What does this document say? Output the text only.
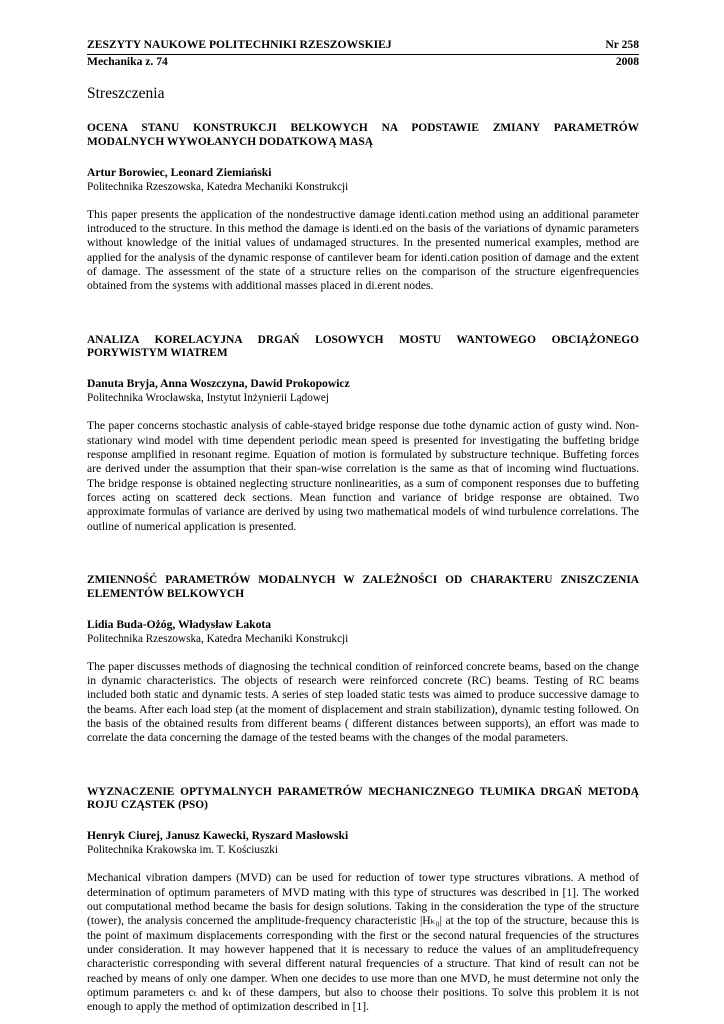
ZESZYTY NAUKOWE POLITECHNIKI RZESZOWSKIEJ	Nr 258
Mechanika z. 74	2008
Streszczenia

OCENA STANU KONSTRUKCJI BELKOWYCH NA PODSTAWIE ZMIANY PARAMETRÓW MODALNYCH WYWOŁANYCH DODATKOWĄ MASĄ

Artur Borowiec, Leonard Ziemiański

Politechnika Rzeszowska, Katedra Mechaniki Konstrukcji

This paper presents the application of the nondestructive damage identi.cation method using an additional parameter introduced to the structure. In this method the damage is identi.ed on the basis of the variations of dynamic parameters without knowledge of the initial values of undamaged structures. In the presented numerical examples, method are applied for the analysis of the dynamic response of cantilever beam for identi.cation position of damage and the extent of damage. The assessment of the state of a structure relies on the comparison of the structure eigenfrequencies obtained from the systems with additional masses placed in di.erent nodes.

ANALIZA KORELACYJNA DRGAŃ LOSOWYCH MOSTU WANTOWEGO OBCIĄŻONEGO PORYWISTYM WIATREM

Danuta Bryja, Anna Woszczyna, Dawid Prokopowicz

Politechnika Wrocławska, Instytut Inżynierii Lądowej

The paper concerns stochastic analysis of cable-stayed bridge response due tothe dynamic action of gusty wind. Non-stationary wind model with time dependent periodic mean speed is presented for investigating the buffeting bridge response amplified in resonant regime. Equation of motion is formulated by substructure technique. Buffeting forces are derived under the assumption that their span-wise correlation is the same as that of incoming wind fluctuations. The bridge response is obtained neglecting structure nonlinearities, as a sum of component responses due to buffeting forces acting on scattered deck sections. Mean function and variance of bridge response are obtained. Two approximate formulas of variance are derived by using two mathematical models of wind turbulence correlations. The outline of numerical application is presented.

ZMIENNOŚĆ PARAMETRÓW MODALNYCH W ZALEŻNOŚCI OD CHARAKTERU ZNISZCZENIA ELEMENTÓW BELKOWYCH

Lidia Buda-Ożóg, Władysław Łakota

Politechnika Rzeszowska, Katedra Mechaniki Konstrukcji

The paper discusses methods of diagnosing the technical condition of reinforced concrete beams, based on the change in dynamic characteristics. The objects of research were reinforced concrete (RC) beams. Testing of RC beams included both static and dynamic tests. A series of step loaded static tests was aimed to produce successive damage to the beams. After each load step (at the moment of displacement and strain stabilization), dynamic testing followed. On the basis of the obtained results from different beams ( different distances between supports), an effort was made to correlate the data concerning the damage of the tested beams with the changes of the modal parameters.

WYZNACZENIE OPTYMALNYCH PARAMETRÓW MECHANICZNEGO TŁUMIKA DRGAŃ METODĄ ROJU CZĄSTEK (PSO)

Henryk Ciurej, Janusz Kawecki, Ryszard Masłowski

Politechnika Krakowska im. T. Kościuszki

Mechanical vibration dampers (MVD) can be used for reduction of tower type structures vibrations. A method of determination of optimum parameters of MVD mating with this type of structures was described in [1]. The worked out computational method became the basis for design solutions. Taking in the consideration the type of the structure (tower), the analysis concerned the amplitude-frequency characteristic |Hₖ₀| at the top of the structure, because this is the point of maximum displacements corresponding with the first or the second natural frequencies of the structures under consideration. It may however happened that it is necessary to reduce the values of an amplitudefrequency characteristic corresponding with several different natural frequencies of a structure. That kind of result can not be reached by means of only one damper. When one decides to use more than one MVD, he must determine not only the optimum parameters cₜ and kₜ of these dampers, but also to choose their positions. To solve this problem it is not enough to apply the method of optimization described in [1].
